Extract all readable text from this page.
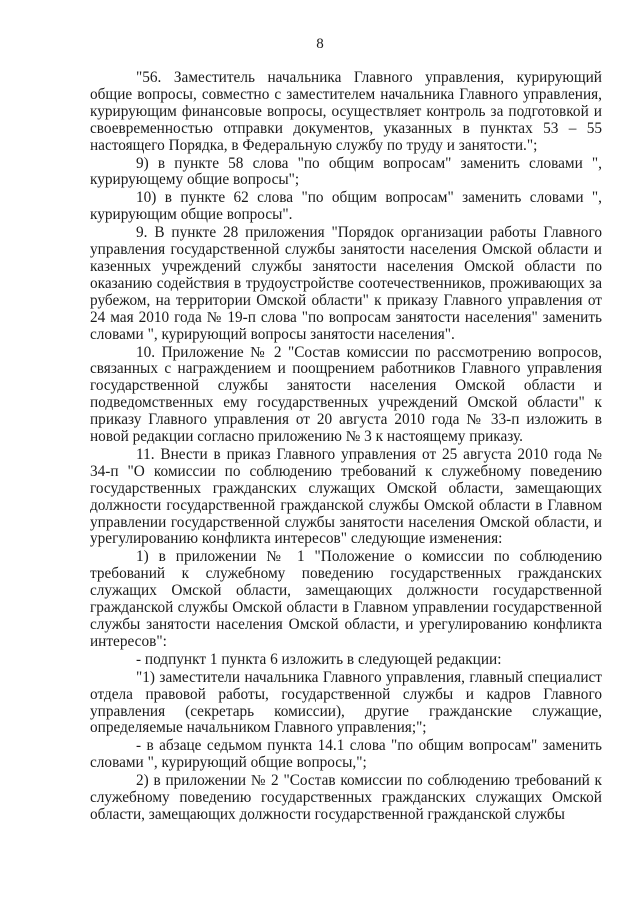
8

"56. Заместитель начальника Главного управления, курирующий общие вопросы, совместно с заместителем начальника Главного управления, курирующим финансовые вопросы, осуществляет контроль за подготовкой и своевременностью отправки документов, указанных в пунктах 53 – 55 настоящего Порядка, в Федеральную службу по труду и занятости.";

9) в пункте 58 слова "по общим вопросам" заменить словами ", курирующему общие вопросы";

10) в пункте 62 слова "по общим вопросам" заменить словами ", курирующим общие вопросы".

9. В пункте 28 приложения "Порядок организации работы Главного управления государственной службы занятости населения Омской области и казенных учреждений службы занятости населения Омской области по оказанию содействия в трудоустройстве соотечественников, проживающих за рубежом, на территории Омской области" к приказу Главного управления от 24 мая 2010 года № 19-п слова "по вопросам занятости населения" заменить словами ", курирующий вопросы занятости населения".

10. Приложение № 2 "Состав комиссии по рассмотрению вопросов, связанных с награждением и поощрением работников Главного управления государственной службы занятости населения Омской области и подведомственных ему государственных учреждений Омской области" к приказу Главного управления от 20 августа 2010 года № 33-п изложить в новой редакции согласно приложению № 3 к настоящему приказу.

11. Внести в приказ Главного управления от 25 августа 2010 года № 34-п "О комиссии по соблюдению требований к служебному поведению государственных гражданских служащих Омской области, замещающих должности государственной гражданской службы Омской области в Главном управлении государственной службы занятости населения Омской области, и урегулированию конфликта интересов" следующие изменения:

1) в приложении № 1 "Положение о комиссии по соблюдению требований к служебному поведению государственных гражданских служащих Омской области, замещающих должности государственной гражданской службы Омской области в Главном управлении государственной службы занятости населения Омской области, и урегулированию конфликта интересов":

- подпункт 1 пункта 6 изложить в следующей редакции:

"1) заместители начальника Главного управления, главный специалист отдела правовой работы, государственной службы и кадров Главного управления (секретарь комиссии), другие гражданские служащие, определяемые начальником Главного управления;";

- в абзаце седьмом пункта 14.1 слова "по общим вопросам" заменить словами ", курирующий общие вопросы,";

2) в приложении № 2 "Состав комиссии по соблюдению требований к служебному поведению государственных гражданских служащих Омской области, замещающих должности государственной гражданской службы
